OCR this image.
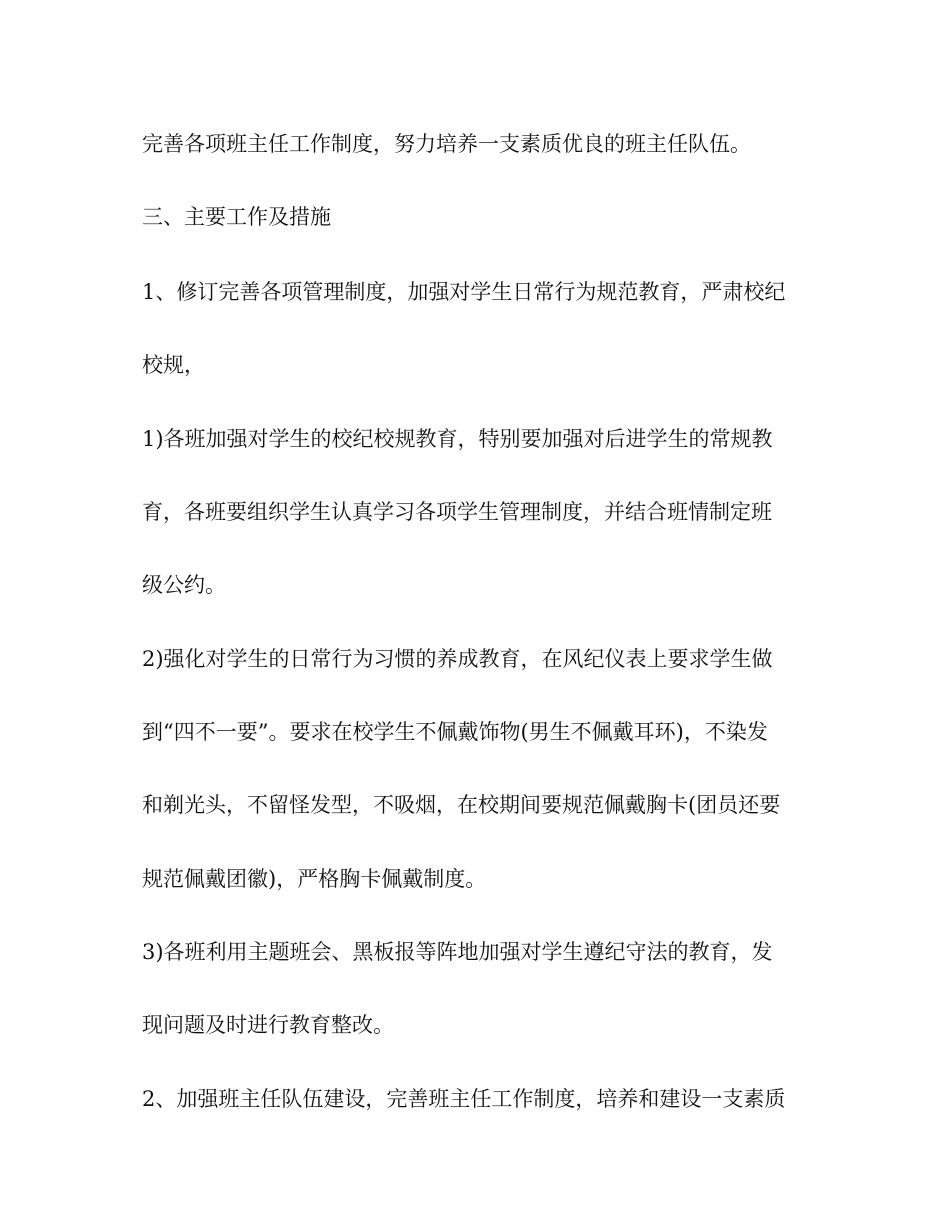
完善各项班主任工作制度，努力培养一支素质优良的班主任队伍。

三、主要工作及措施

1、修订完善各项管理制度，加强对学生日常行为规范教育，严肃校纪

校规，

1)各班加强对学生的校纪校规教育，特别要加强对后进学生的常规教

育，各班要组织学生认真学习各项学生管理制度，并结合班情制定班

级公约。

2)强化对学生的日常行为习惯的养成教育，在风纪仪表上要求学生做

到“四不一要”。要求在校学生不佩戴饰物(男生不佩戴耳环)，不染发

和剃光头，不留怪发型，不吸烟，在校期间要规范佩戴胸卡(团员还要

规范佩戴团徽)，严格胸卡佩戴制度。

3)各班利用主题班会、黑板报等阵地加强对学生遵纪守法的教育，发

现问题及时进行教育整改。

2、加强班主任队伍建设，完善班主任工作制度，培养和建设一支素质
